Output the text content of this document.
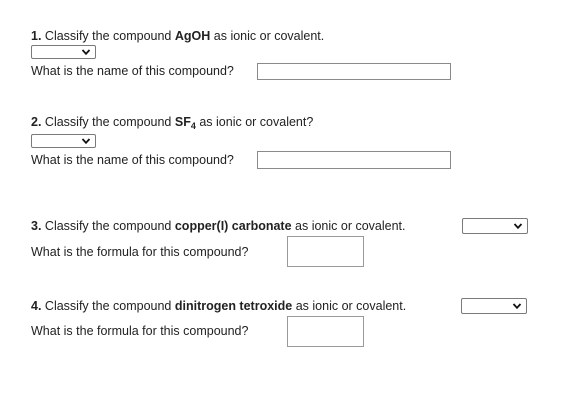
1. Classify the compound AgOH as ionic or covalent.
What is the name of this compound?
2. Classify the compound $SF_4$ as ionic or covalent?
What is the name of this compound?
3. Classify the compound copper(I) carbonate as ionic or covalent.
What is the formula for this compound?
4. Classify the compound dinitrogen tetroxide as ionic or covalent.
What is the formula for this compound?
